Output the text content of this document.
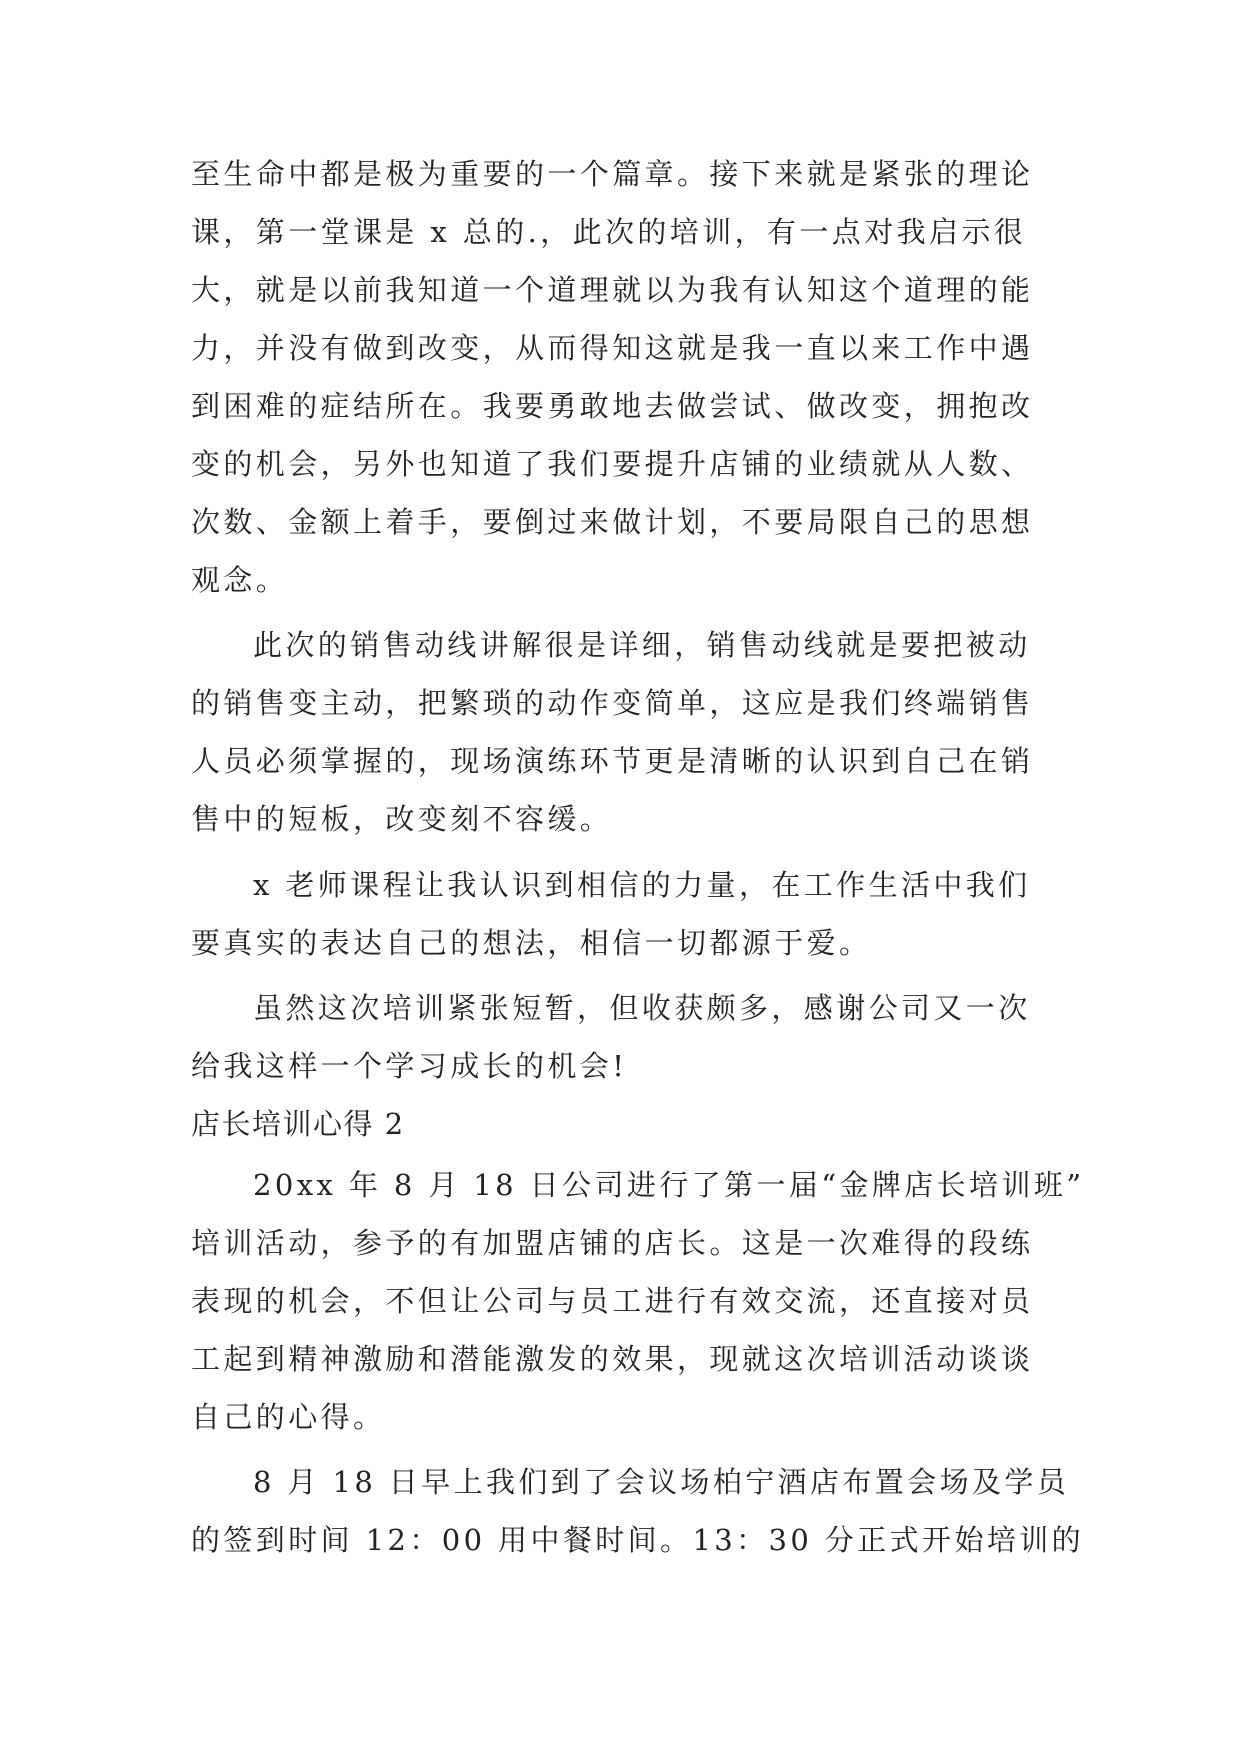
至生命中都是极为重要的一个篇章。接下来就是紧张的理论
课，第一堂课是 x 总的.，此次的培训，有一点对我启示很
大，就是以前我知道一个道理就以为我有认知这个道理的能
力，并没有做到改变，从而得知这就是我一直以来工作中遇
到困难的症结所在。我要勇敢地去做尝试、做改变，拥抱改
变的机会，另外也知道了我们要提升店铺的业绩就从人数、
次数、金额上着手，要倒过来做计划，不要局限自己的思想
观念。
此次的销售动线讲解很是详细，销售动线就是要把被动
的销售变主动，把繁琐的动作变简单，这应是我们终端销售
人员必须掌握的，现场演练环节更是清晰的认识到自己在销
售中的短板，改变刻不容缓。
x 老师课程让我认识到相信的力量，在工作生活中我们
要真实的表达自己的想法，相信一切都源于爱。
虽然这次培训紧张短暂，但收获颇多，感谢公司又一次
给我这样一个学习成长的机会!
店长培训心得 2
20xx 年 8 月 18 日公司进行了第一届“金牌店长培训班”
培训活动，参予的有加盟店铺的店长。这是一次难得的段练
表现的机会，不但让公司与员工进行有效交流，还直接对员
工起到精神激励和潜能激发的效果，现就这次培训活动谈谈
自己的心得。
8 月 18 日早上我们到了会议场柏宁酒店布置会场及学员
的签到时间 12：00 用中餐时间。13：30 分正式开始培训的
